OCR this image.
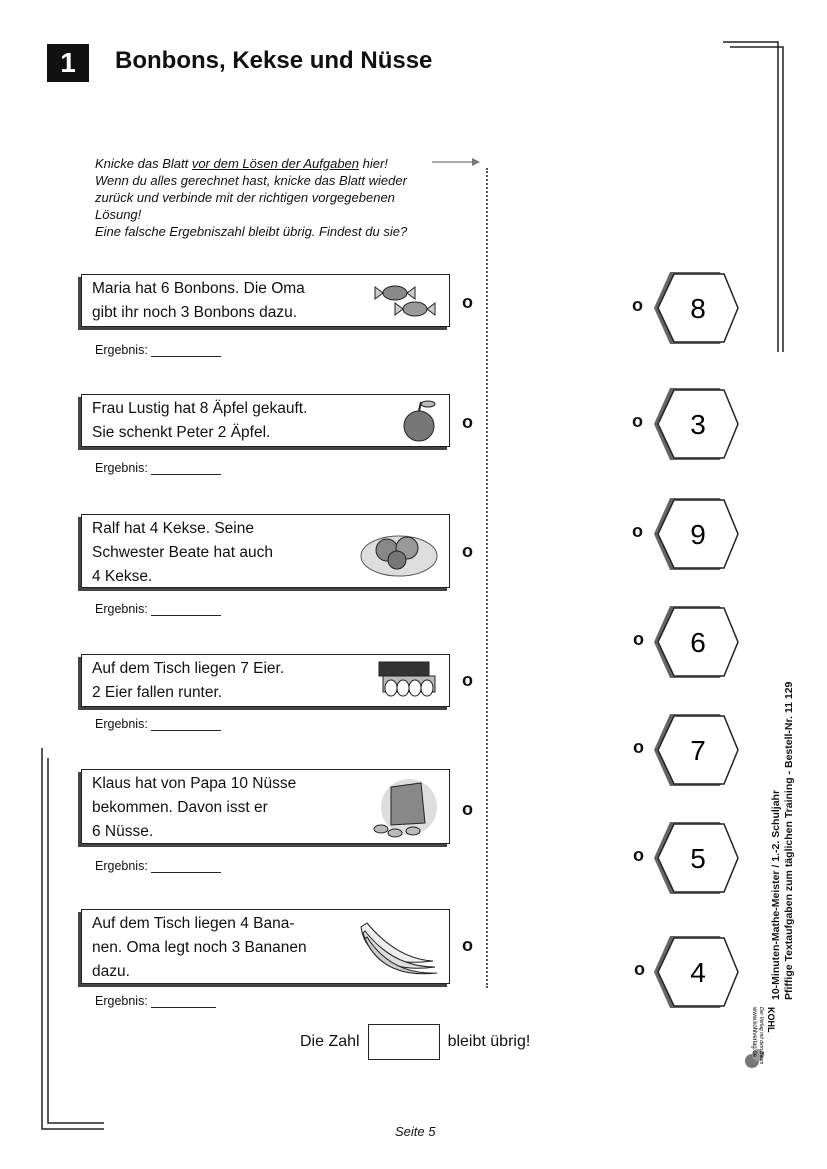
1	Bonbons, Kekse und Nüsse
Knicke das Blatt vor dem Lösen der Aufgaben hier!
Wenn du alles gerechnet hast, knicke das Blatt wieder
zurück und verbinde mit der richtigen vorgegebenen
Lösung!
Eine falsche Ergebniszahl bleibt übrig. Findest du sie?
Maria hat 6 Bonbons. Die Oma
gibt ihr noch 3 Bonbons dazu.
o
Ergebnis:
Frau Lustig hat 8 Äpfel gekauft.
Sie schenkt Peter 2 Äpfel.
o
Ergebnis:
Ralf hat 4 Kekse. Seine
Schwester Beate hat auch
4 Kekse.
o
Ergebnis:
Auf dem Tisch liegen 7 Eier.
2 Eier fallen runter.
o
Ergebnis:
Klaus hat von Papa 10 Nüsse
bekommen. Davon isst er
6 Nüsse.
o
Ergebnis:
Auf dem Tisch liegen 4 Bana-
nen. Oma legt noch 3 Bananen
dazu.
o
Ergebnis:
o 8
o 3
o 9
o 6
o 7
o 5
o 4
Die Zahl	bleibt übrig!
Seite 5
10-Minuten-Mathe-Meister / 1.-2. Schuljahr Pfiffige Textaufgaben zum täglichen Training - Bestell-Nr. 11 129
KOHL
Der Verlag mit dem Baum
www.kohlverlag.de
